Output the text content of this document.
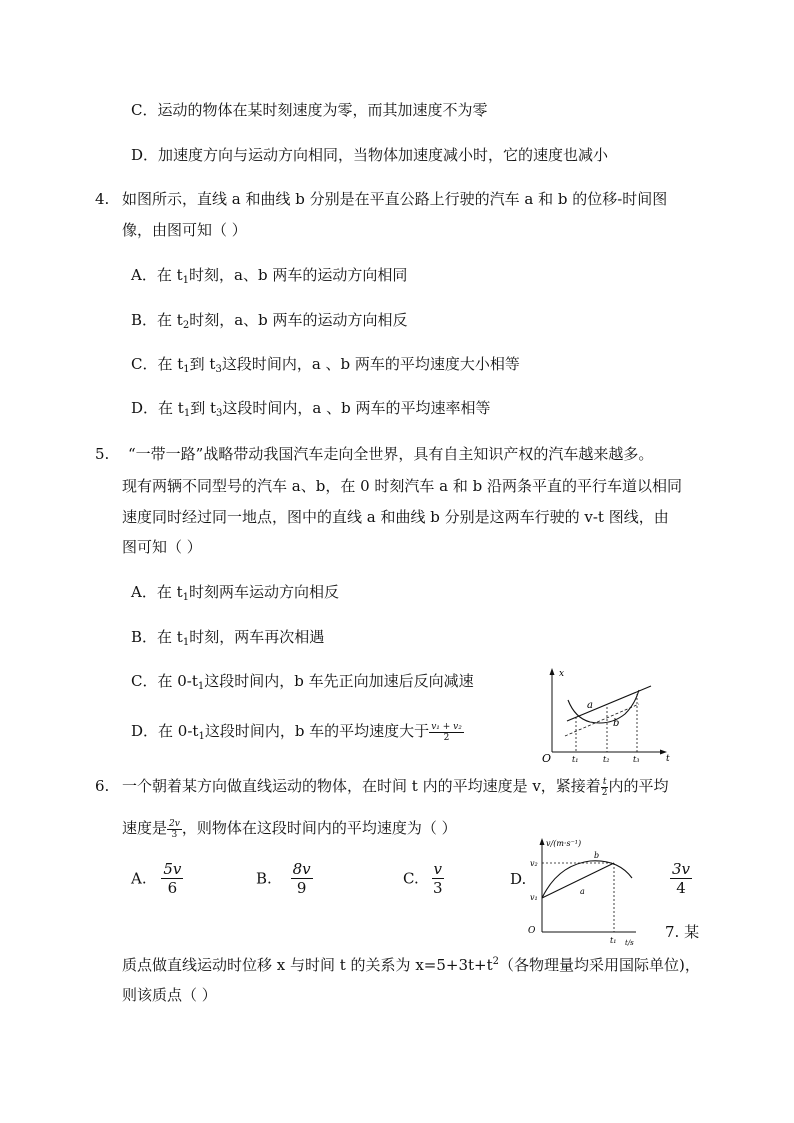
C．运动的物体在某时刻速度为零，而其加速度不为零
D．加速度方向与运动方向相同，当物体加速度减小时，它的速度也减小
4. 如图所示，直线 a 和曲线 b 分别是在平直公路上行驶的汽车 a 和 b 的位移-时间图
像，由图可知（ ）
A．在 $t_1$时刻，a、b 两车的运动方向相同
B．在 $t_2$时刻，a、b 两车的运动方向相反
C．在 $t_1$到 $t_3$这段时间内，a 、b 两车的平均速度大小相等
D．在 $t_1$到 $t_3$这段时间内，a 、b 两车的平均速率相等
5. “一带一路”战略带动我国汽车走向全世界，具有自主知识产权的汽车越来越多。
现有两辆不同型号的汽车 a、b，在 0 时刻汽车 a 和 b 沿两条平直的平行车道以相同
速度同时经过同一地点，图中的直线 a 和曲线 b 分别是这两车行驶的 v-t 图线，由
图可知（ ）
A．在 $t_1$时刻两车运动方向相反
B．在 $t_1$时刻，两车再次相遇
C．在 $0-t_1$这段时间内，b 车先正向加速后反向减速
D．在 $0-t_1$这段时间内，b 车的平均速度大于 $\frac{\text{v₁ + v₂}}{2}$
x
t
O
a
b
t₁	t₂	t₃
6. 一个朝着某方向做直线运动的物体，在时间 t 内的平均速度是 v，紧接着 $\frac{t}{2}$ 内的平均
速度是 $\frac{2v}{3}$ ，则物体在这段时间内的平均速度为（ ）
A. $\frac{5v}{6}$	B. $\frac{8v}{9}$	C. $\frac{v}{3}$	D.	$\frac{3v}{4}$
v/(m·s⁻¹)
O
v₂
v₁
b
a
t₁ t/s
7. 某
质点做直线运动时位移 x 与时间 t 的关系为 $x=5+3t+t^2$（各物理量均采用国际单位)，
则该质点（ ）
